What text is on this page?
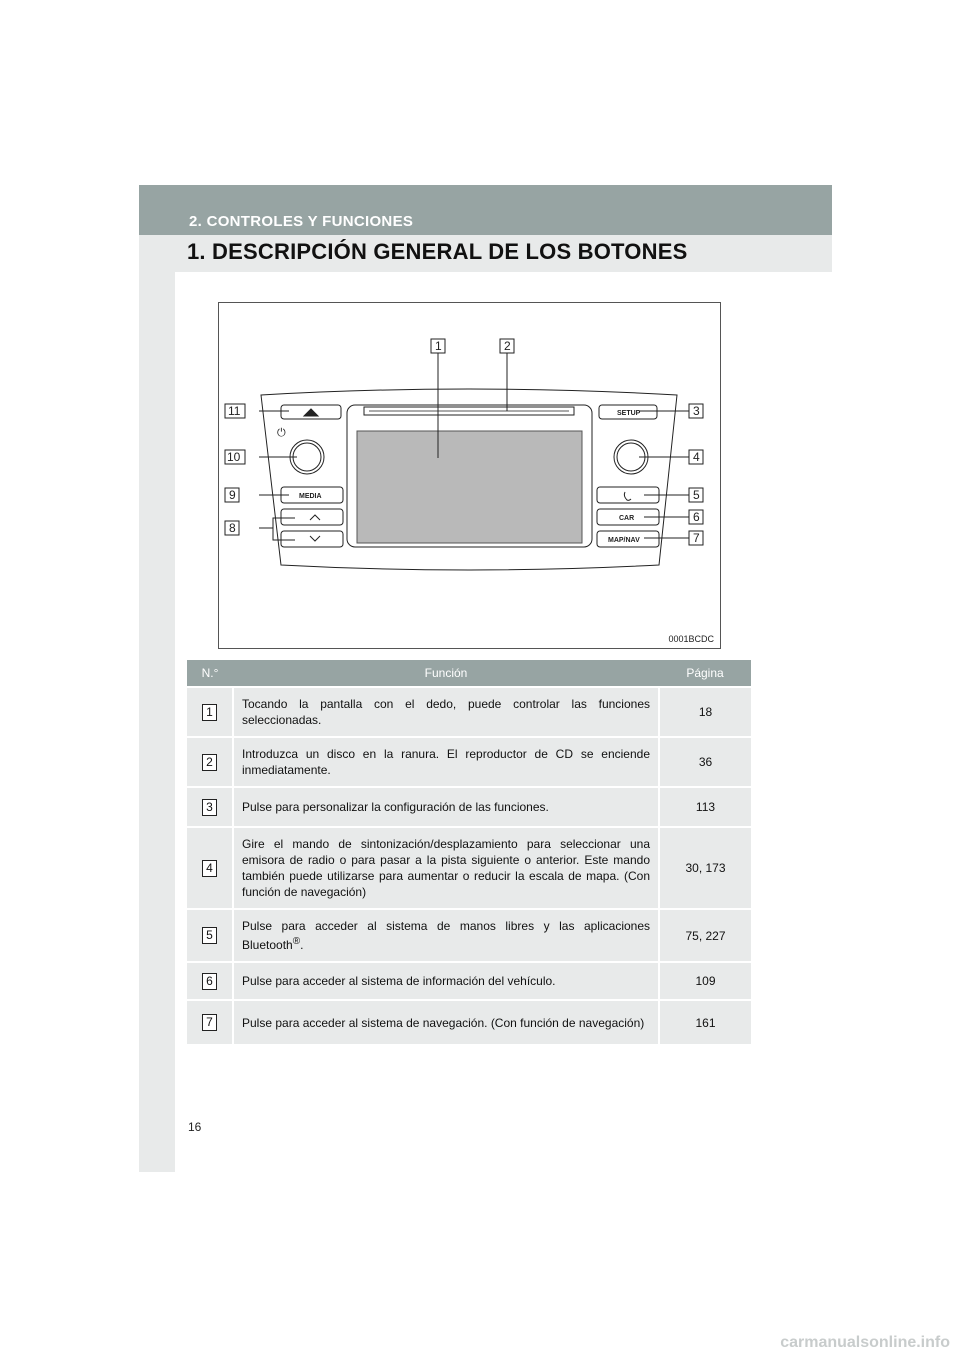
2. CONTROLES Y FUNCIONES
1. DESCRIPCIÓN GENERAL DE LOS BOTONES
⏻
MEDIA
SETUP
CAR
MAP/NAV
1	2
3
4
5
6
7
8
9
10
11
0001BCDC
N.°	Función	Página
1	Tocando la pantalla con el dedo, puede controlar las funciones seleccionadas.	18
2	Introduzca un disco en la ranura. El reproductor de CD se enciende inmediatamente.	36
3	Pulse para personalizar la configuración de las funciones.	113
4	Gire el mando de sintonización/desplazamiento para seleccionar una emisora de radio o para pasar a la pista siguiente o anterior. Este mando también puede utilizarse para aumentar o reducir la escala de mapa. (Con función de navegación)	30, 173
5	Pulse para acceder al sistema de manos libres y las aplicaciones Bluetooth®.	75, 227
6	Pulse para acceder al sistema de información del vehículo.	109
7	Pulse para acceder al sistema de navegación. (Con función de navegación)	161
16
carmanualsonline.info
